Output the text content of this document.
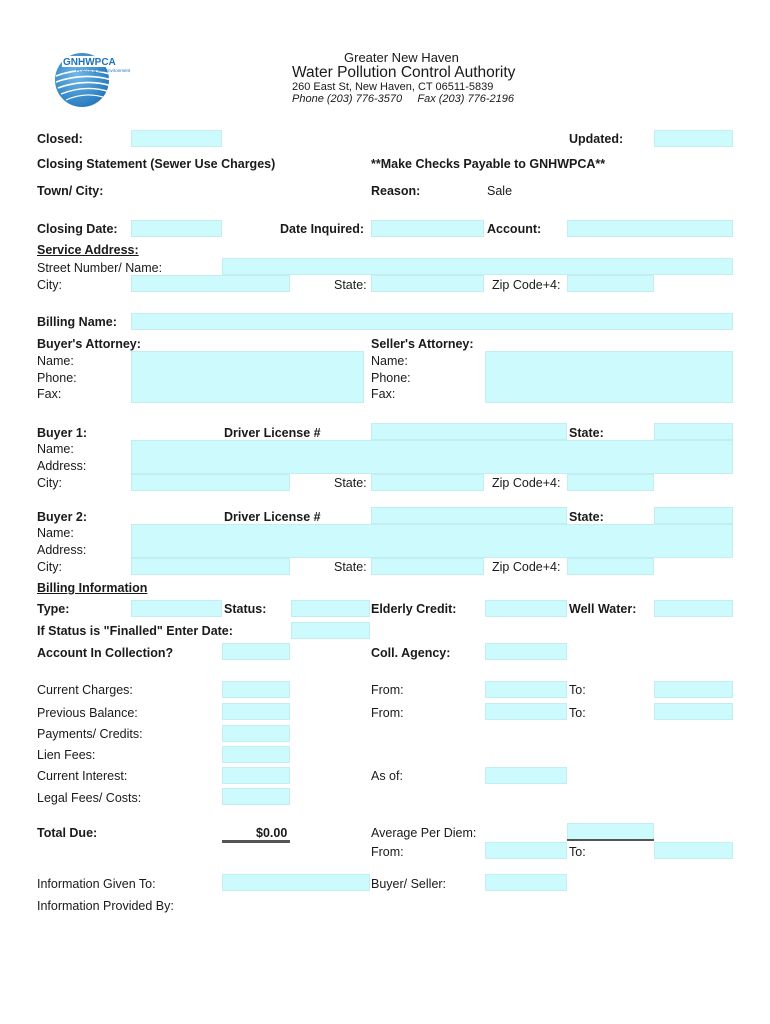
GNHWPCA
Protecting the Environment
Greater New Haven
Water Pollution Control Authority
260 East St, New Haven, CT 06511-5839
Phone (203) 776-3570     Fax (203) 776-2196
Closed:	Updated:
Closing Statement (Sewer Use Charges)	**Make Checks Payable to GNHWPCA**
Town/ City:	Reason:	Sale
Closing Date:	Date Inquired:	Account:
Service Address:
Street Number/ Name:
City:	State:	Zip Code+4:
Billing Name:
Buyer's Attorney:
Name:
Phone:
Fax:
Seller's Attorney:
Name:
Phone:
Fax:
Buyer 1:	Driver License #	State:
Name:
Address:
City:	State:	Zip Code+4:
Buyer 2:	Driver License #	State:
Name:
Address:
City:	State:	Zip Code+4:
Billing Information
Type:	Status:	Elderly Credit:	Well Water:
If Status is "Finalled" Enter Date:
Account In Collection?	Coll. Agency:
Current Charges:	From:	To:
Previous Balance:	From:	To:
Payments/ Credits:
Lien Fees:
Current Interest:	As of:
Legal Fees/ Costs:
Total Due:	$0.00	Average Per Diem:
From:	To:
Information Given To:	Buyer/ Seller:
Information Provided By:
